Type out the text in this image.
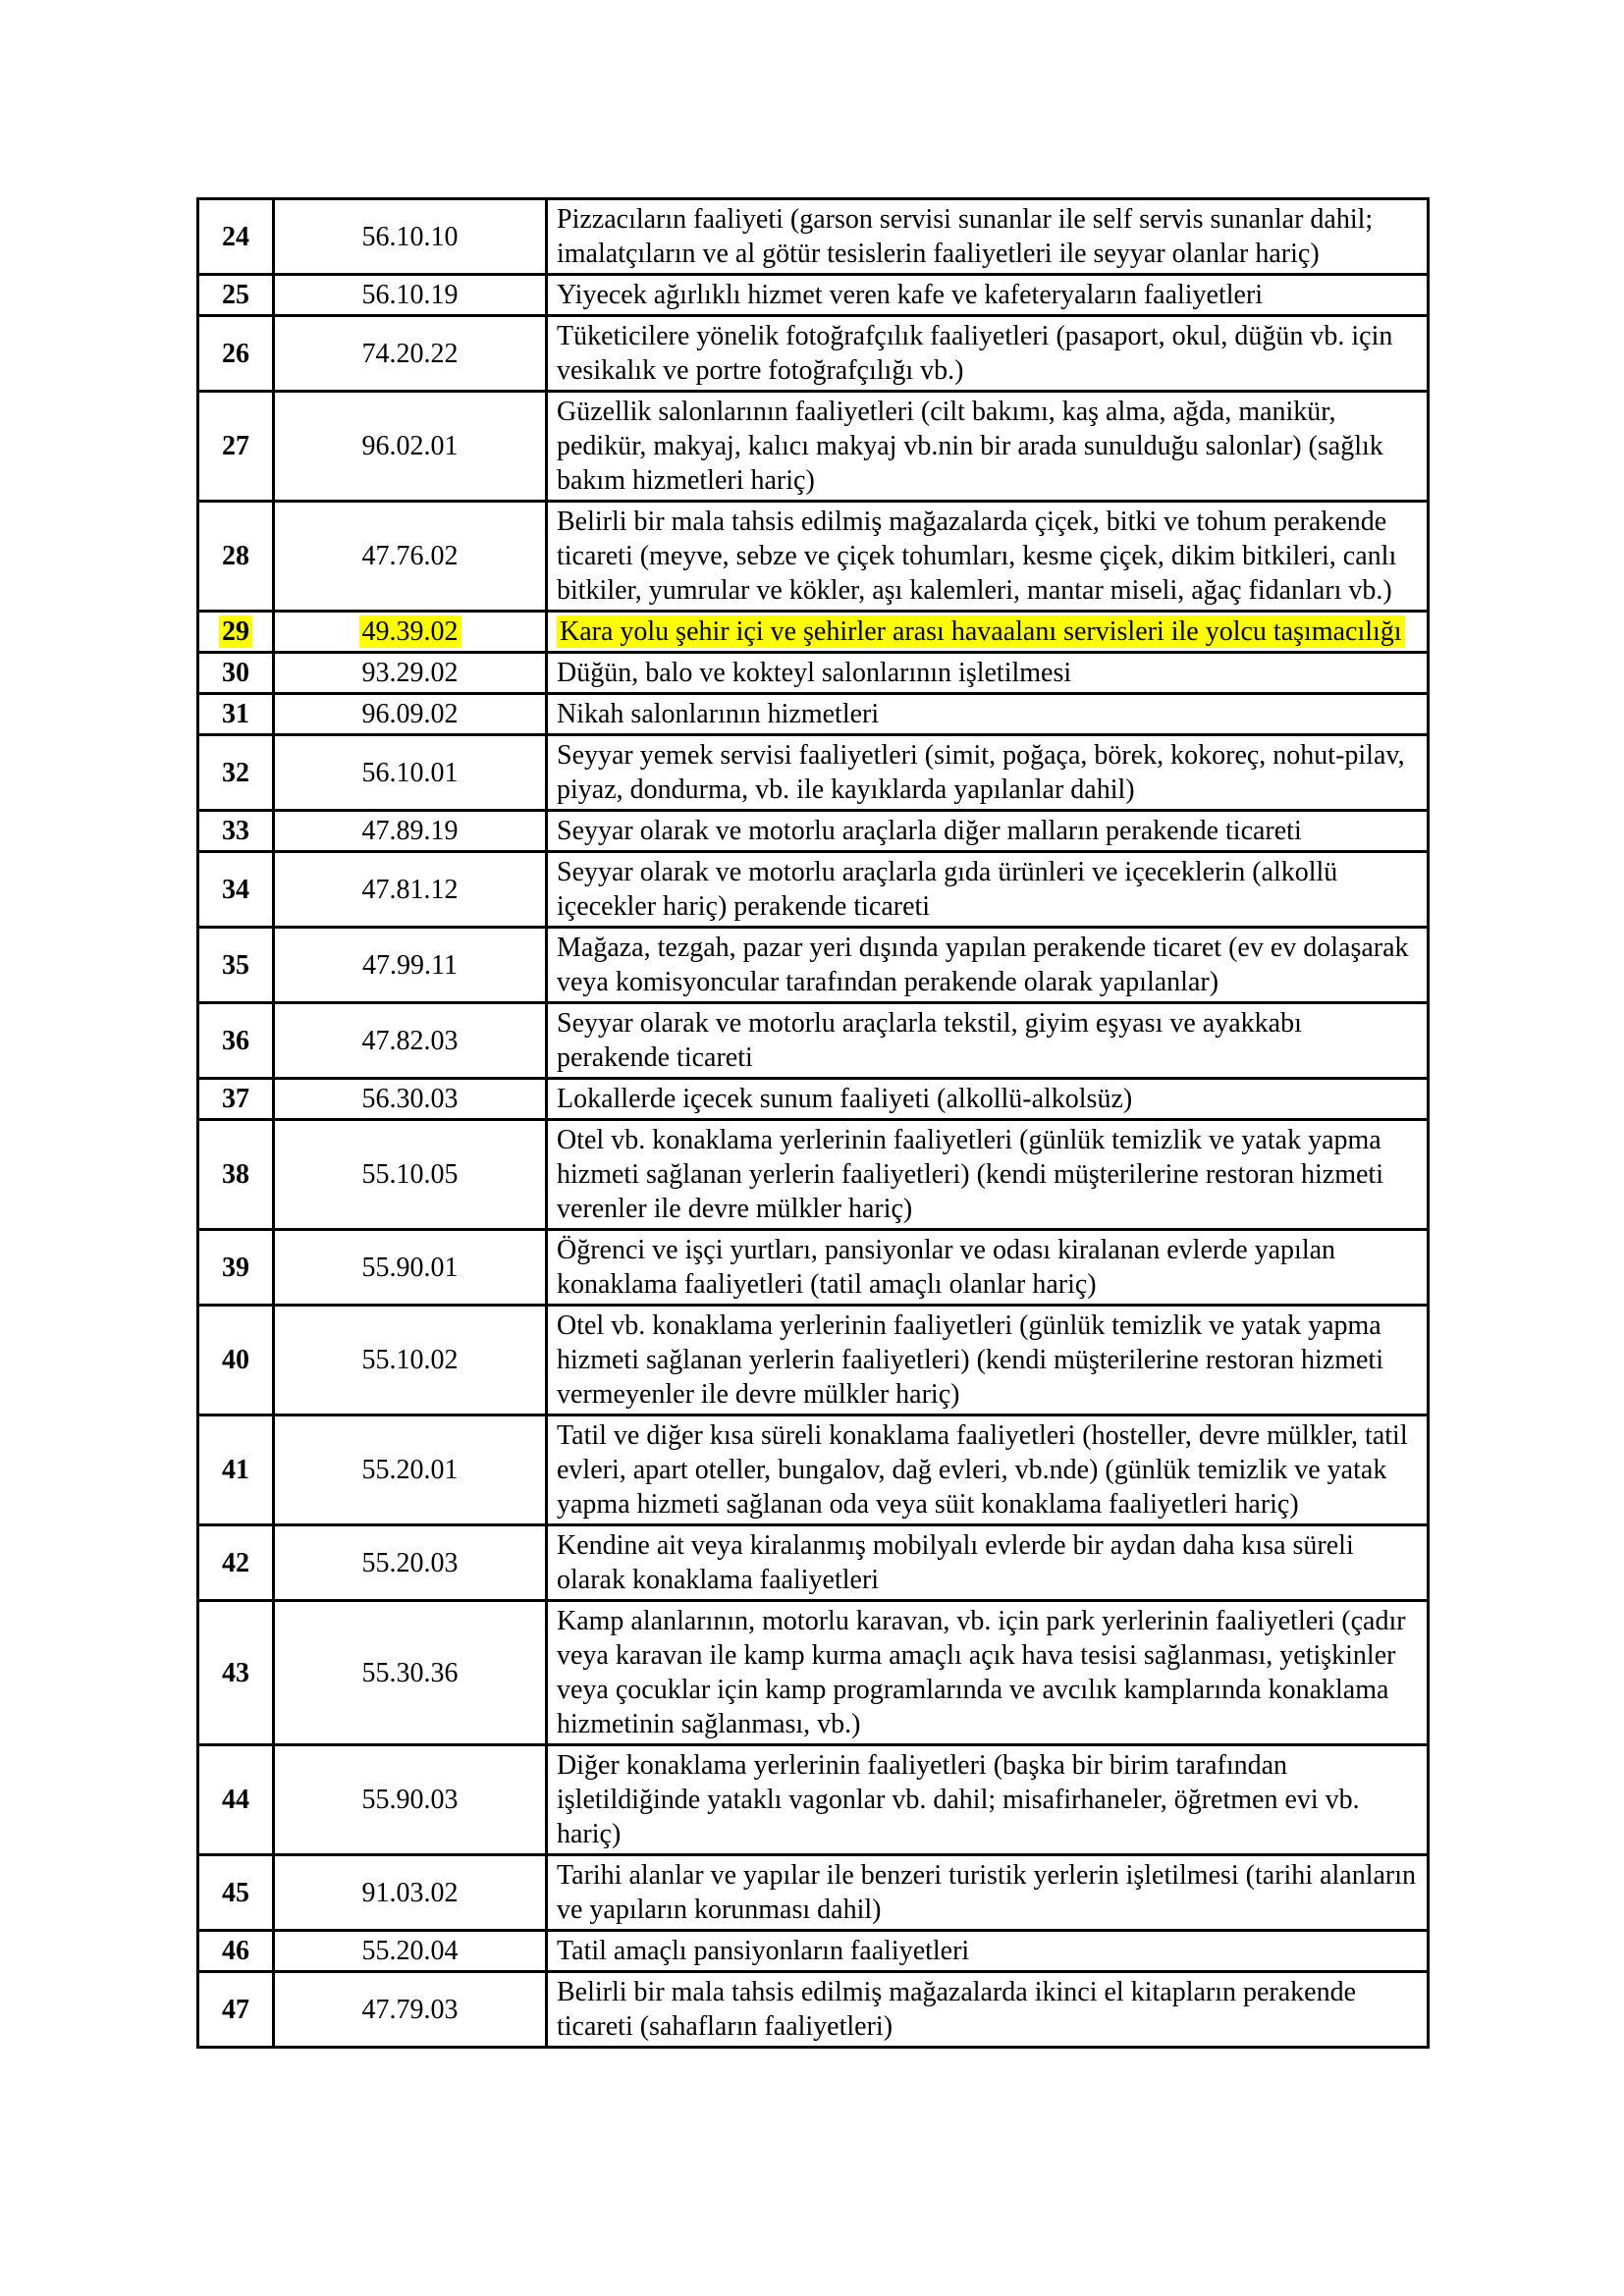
24	56.10.10	Pizzacıların faaliyeti (garson servisi sunanlar ile self servis sunanlar dahil; imalatçıların ve al götür tesislerin faaliyetleri ile seyyar olanlar hariç)
25	56.10.19	Yiyecek ağırlıklı hizmet veren kafe ve kafeteryaların faaliyetleri
26	74.20.22	Tüketicilere yönelik fotoğrafçılık faaliyetleri (pasaport, okul, düğün vb. için vesikalık ve portre fotoğrafçılığı vb.)
27	96.02.01	Güzellik salonlarının faaliyetleri (cilt bakımı, kaş alma, ağda, manikür, pedikür, makyaj, kalıcı makyaj vb.nin bir arada sunulduğu salonlar) (sağlık bakım hizmetleri hariç)
28	47.76.02	Belirli bir mala tahsis edilmiş mağazalarda çiçek, bitki ve tohum perakende ticareti (meyve, sebze ve çiçek tohumları, kesme çiçek, dikim bitkileri, canlı bitkiler, yumrular ve kökler, aşı kalemleri, mantar miseli, ağaç fidanları vb.)
29	49.39.02	Kara yolu şehir içi ve şehirler arası havaalanı servisleri ile yolcu taşımacılığı
30	93.29.02	Düğün, balo ve kokteyl salonlarının işletilmesi
31	96.09.02	Nikah salonlarının hizmetleri
32	56.10.01	Seyyar yemek servisi faaliyetleri (simit, poğaça, börek, kokoreç, nohut-pilav, piyaz, dondurma, vb. ile kayıklarda yapılanlar dahil)
33	47.89.19	Seyyar olarak ve motorlu araçlarla diğer malların perakende ticareti
34	47.81.12	Seyyar olarak ve motorlu araçlarla gıda ürünleri ve içeceklerin (alkollü içecekler hariç) perakende ticareti
35	47.99.11	Mağaza, tezgah, pazar yeri dışında yapılan perakende ticaret (ev ev dolaşarak veya komisyoncular tarafından perakende olarak yapılanlar)
36	47.82.03	Seyyar olarak ve motorlu araçlarla tekstil, giyim eşyası ve ayakkabı perakende ticareti
37	56.30.03	Lokallerde içecek sunum faaliyeti (alkollü-alkolsüz)
38	55.10.05	Otel vb. konaklama yerlerinin faaliyetleri (günlük temizlik ve yatak yapma hizmeti sağlanan yerlerin faaliyetleri) (kendi müşterilerine restoran hizmeti verenler ile devre mülkler hariç)
39	55.90.01	Öğrenci ve işçi yurtları, pansiyonlar ve odası kiralanan evlerde yapılan konaklama faaliyetleri (tatil amaçlı olanlar hariç)
40	55.10.02	Otel vb. konaklama yerlerinin faaliyetleri (günlük temizlik ve yatak yapma hizmeti sağlanan yerlerin faaliyetleri) (kendi müşterilerine restoran hizmeti vermeyenler ile devre mülkler hariç)
41	55.20.01	Tatil ve diğer kısa süreli konaklama faaliyetleri (hosteller, devre mülkler, tatil evleri, apart oteller, bungalov, dağ evleri, vb.nde) (günlük temizlik ve yatak yapma hizmeti sağlanan oda veya süit konaklama faaliyetleri hariç)
42	55.20.03	Kendine ait veya kiralanmış mobilyalı evlerde bir aydan daha kısa süreli olarak konaklama faaliyetleri
43	55.30.36	Kamp alanlarının, motorlu karavan, vb. için park yerlerinin faaliyetleri (çadır veya karavan ile kamp kurma amaçlı açık hava tesisi sağlanması, yetişkinler veya çocuklar için kamp programlarında ve avcılık kamplarında konaklama hizmetinin sağlanması, vb.)
44	55.90.03	Diğer konaklama yerlerinin faaliyetleri (başka bir birim tarafından işletildiğinde yataklı vagonlar vb. dahil; misafirhaneler, öğretmen evi vb. hariç)
45	91.03.02	Tarihi alanlar ve yapılar ile benzeri turistik yerlerin işletilmesi (tarihi alanların ve yapıların korunması dahil)
46	55.20.04	Tatil amaçlı pansiyonların faaliyetleri
47	47.79.03	Belirli bir mala tahsis edilmiş mağazalarda ikinci el kitapların perakende ticareti (sahafların faaliyetleri)
